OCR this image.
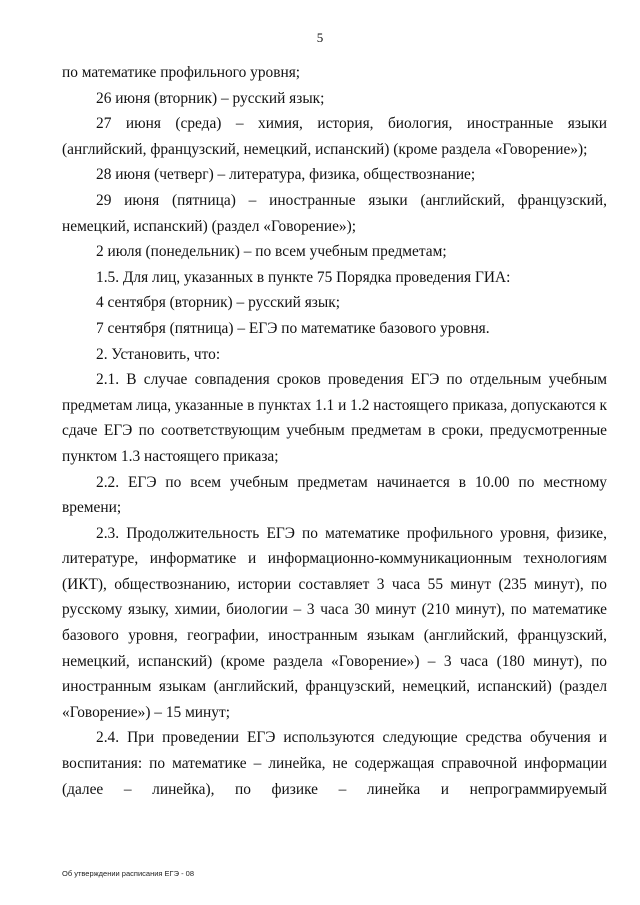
5

по математике профильного уровня;

26 июня (вторник) – русский язык;

27 июня (среда) – химия, история, биология, иностранные языки (английский, французский, немецкий, испанский) (кроме раздела «Говорение»);

28 июня (четверг) – литература, физика, обществознание;

29 июня (пятница) – иностранные языки (английский, французский, немецкий, испанский) (раздел «Говорение»);

2 июля (понедельник) – по всем учебным предметам;

1.5. Для лиц, указанных в пункте 75 Порядка проведения ГИА:

4 сентября (вторник) – русский язык;

7 сентября (пятница) – ЕГЭ по математике базового уровня.

2. Установить, что:

2.1. В случае совпадения сроков проведения ЕГЭ по отдельным учебным предметам лица, указанные в пунктах 1.1 и 1.2 настоящего приказа, допускаются к сдаче ЕГЭ по соответствующим учебным предметам в сроки, предусмотренные пунктом 1.3 настоящего приказа;

2.2. ЕГЭ по всем учебным предметам начинается в 10.00 по местному времени;

2.3. Продолжительность ЕГЭ по математике профильного уровня, физике, литературе, информатике и информационно-коммуникационным технологиям (ИКТ), обществознанию, истории составляет 3 часа 55 минут (235 минут), по русскому языку, химии, биологии – 3 часа 30 минут (210 минут), по математике базового уровня, географии, иностранным языкам (английский, французский, немецкий, испанский) (кроме раздела «Говорение») – 3 часа (180 минут), по иностранным языкам (английский, французский, немецкий, испанский) (раздел «Говорение») – 15 минут;

2.4. При проведении ЕГЭ используются следующие средства обучения и воспитания: по математике – линейка, не содержащая справочной информации (далее – линейка), по физике – линейка и непрограммируемый

Об утверждении расписания ЕГЭ - 08
